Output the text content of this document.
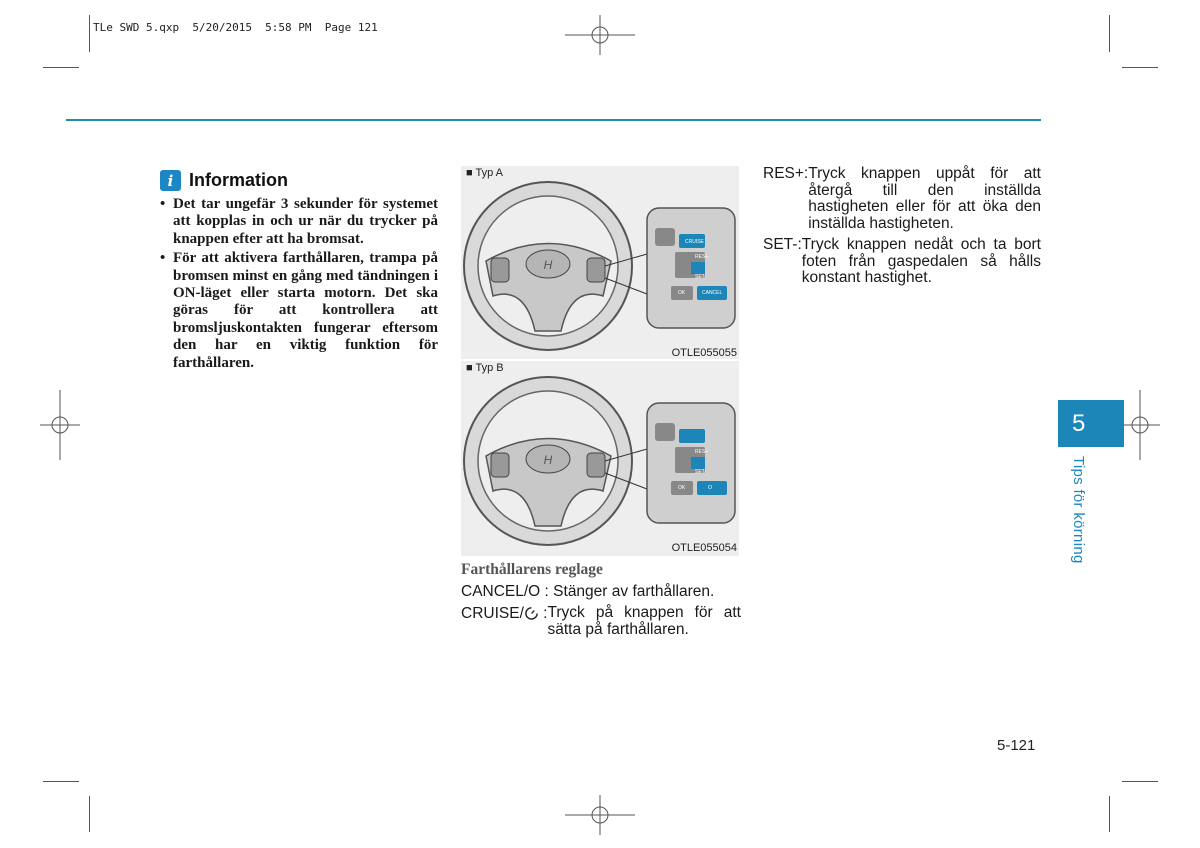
TLe SWD 5.qxp  5/20/2015  5:58 PM  Page 121
i Information
• Det tar ungefär 3 sekunder för systemet att kopplas in och ur när du trycker på knappen efter att ha bromsat.
• För att aktivera farthållaren, trampa på bromsen minst en gång med tändningen i ON-läget eller starta motorn. Det ska göras för att kontrollera att bromsljuskontakten fungerar eftersom den har en viktig funktion för farthållaren.
■ Typ A
H
CRUISE
RES+
SET-
OK	CANCEL
OTLE055055
■ Typ B
H
RES+
SET-
OK	O
OTLE055054
Farthållarens reglage
CANCEL/O : Stänger av farthållaren.
CRUISE/ : Tryck på knappen för att sätta på farthållaren.
RES+: Tryck knappen uppåt för att återgå till den inställda hastigheten eller för att öka den inställda hastigheten.
SET-: Tryck knappen nedåt och ta bort foten från gaspedalen så hålls konstant hastighet.
5
Tips för körning
5-121
